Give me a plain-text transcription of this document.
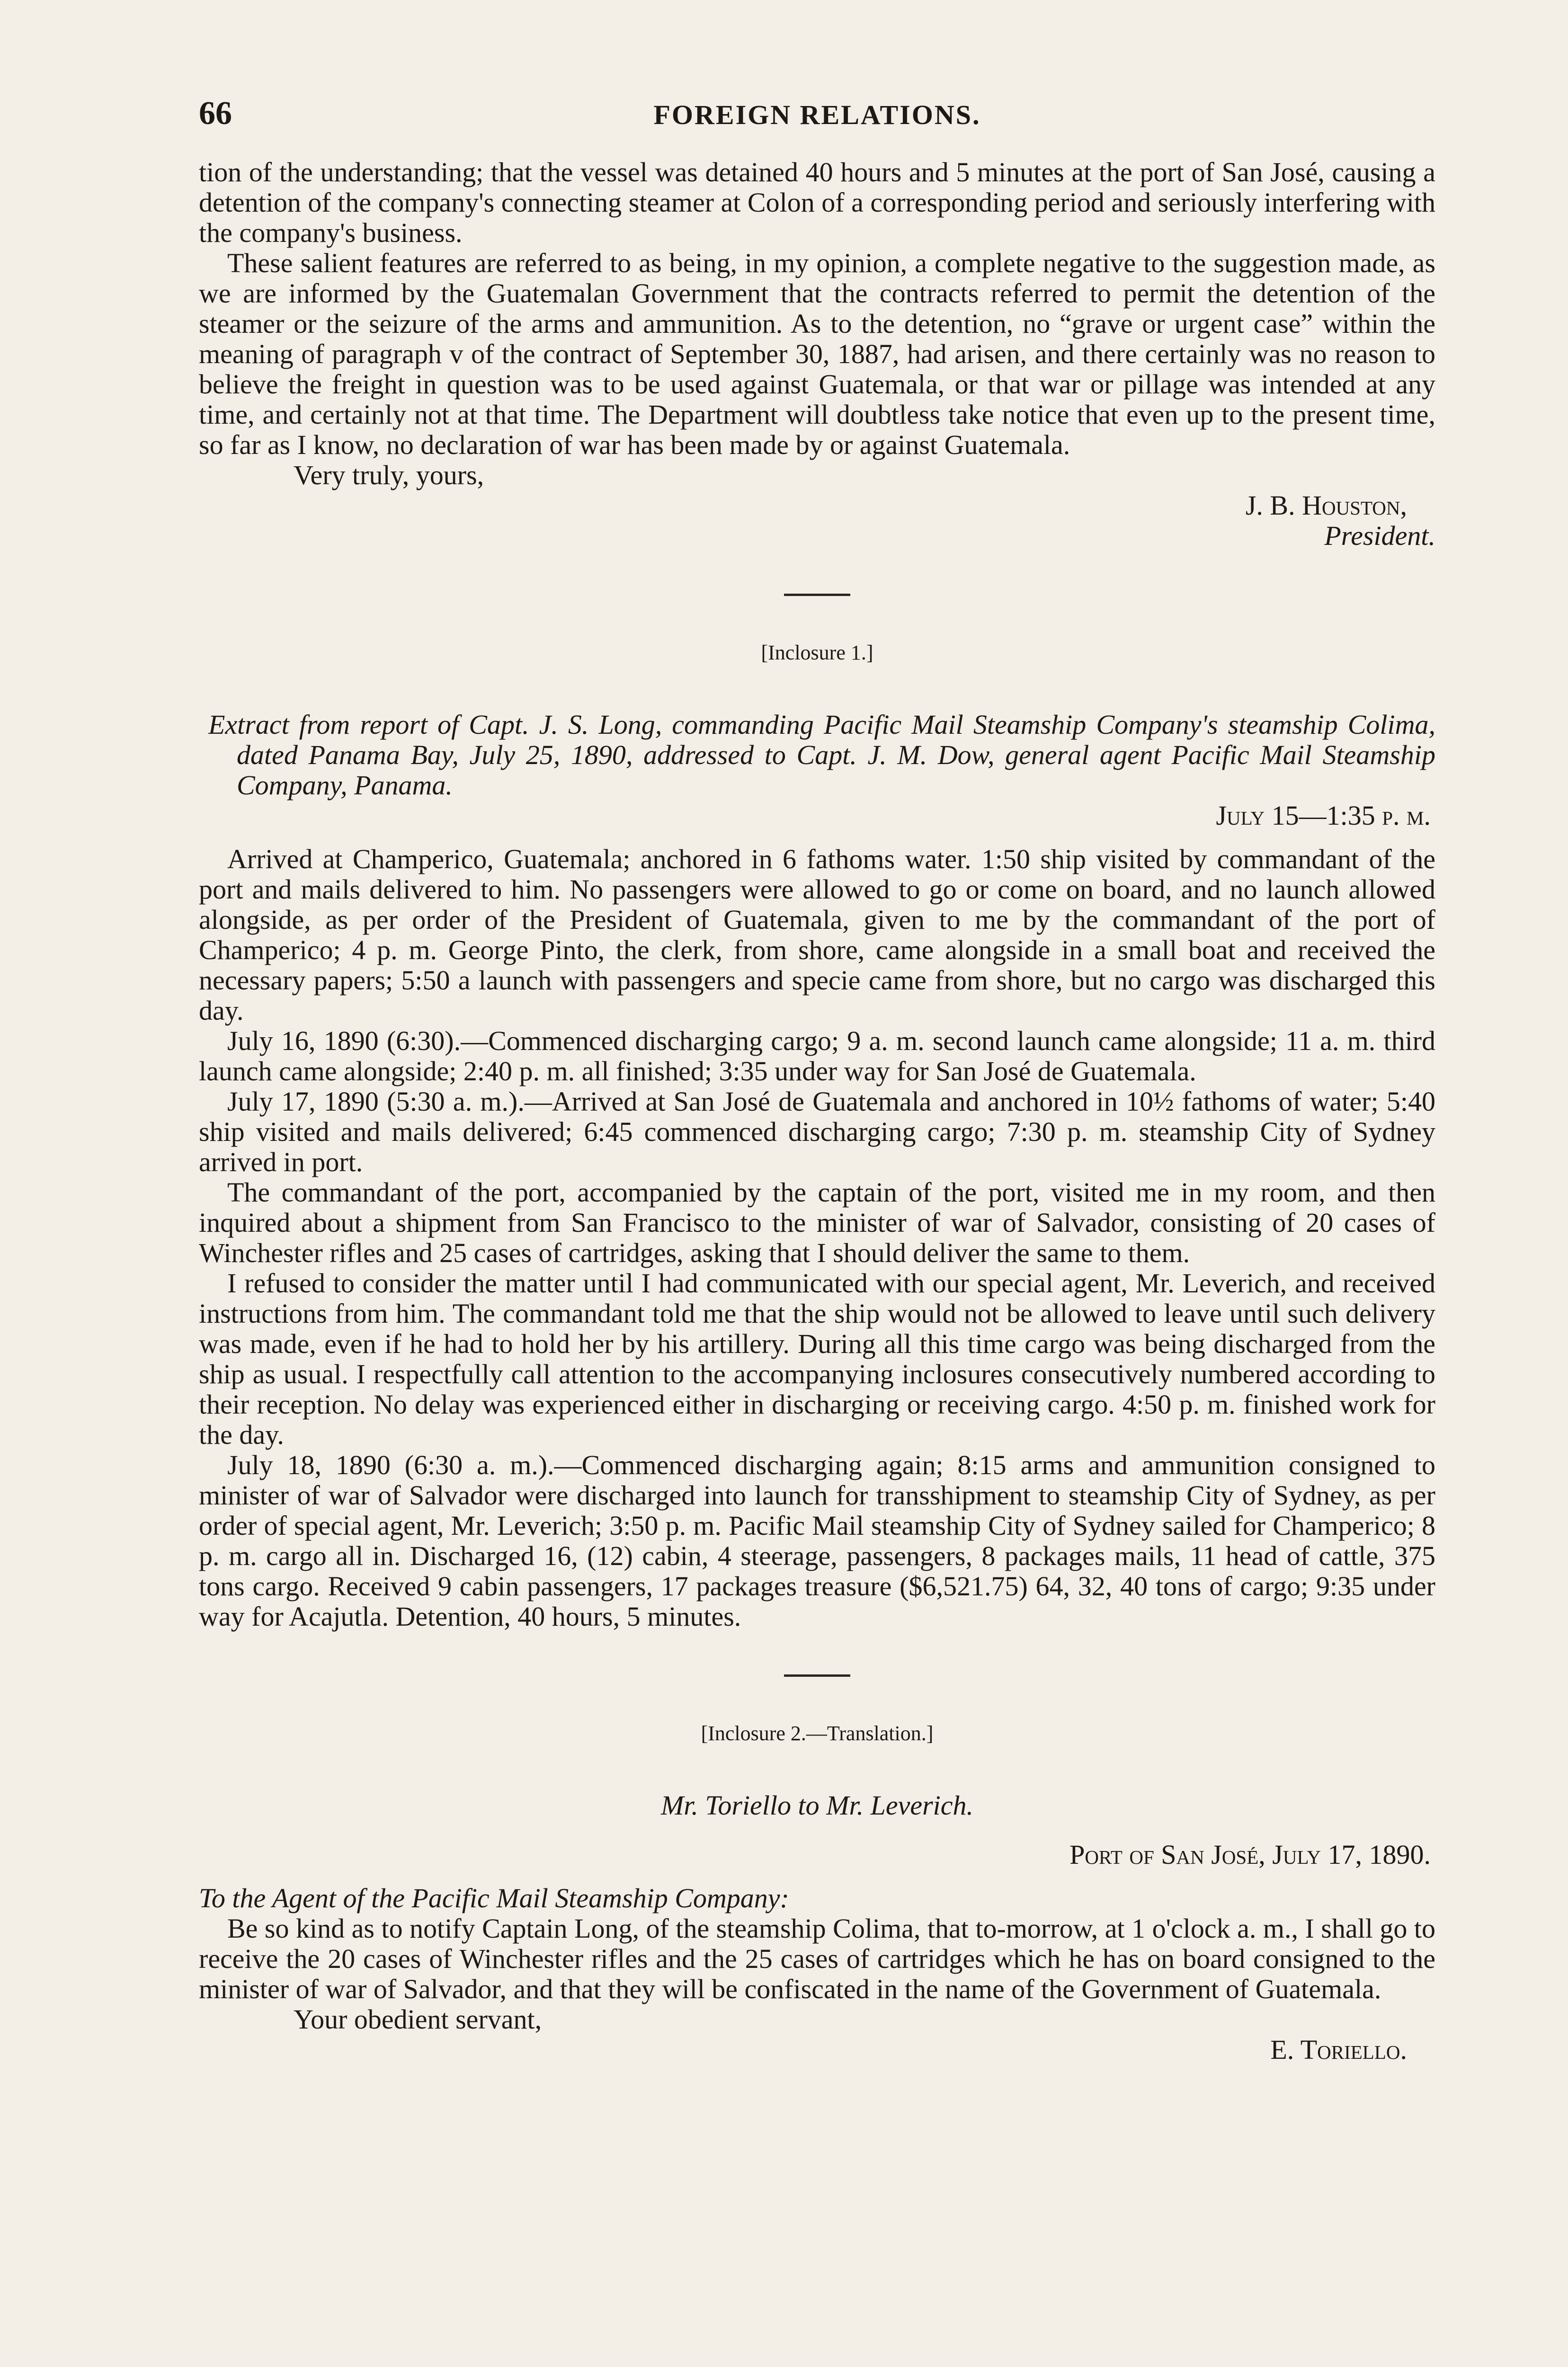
66	FOREIGN RELATIONS.

tion of the understanding; that the vessel was detained 40 hours and 5 minutes at the port of San José, causing a detention of the company's connecting steamer at Colon of a corresponding period and seriously interfering with the company's business.

These salient features are referred to as being, in my opinion, a complete negative to the suggestion made, as we are informed by the Guatemalan Government that the contracts referred to permit the detention of the steamer or the seizure of the arms and ammunition. As to the detention, no “grave or urgent case” within the meaning of paragraph v of the contract of September 30, 1887, had arisen, and there certainly was no reason to believe the freight in question was to be used against Guatemala, or that war or pillage was intended at any time, and certainly not at that time. The Department will doubtless take notice that even up to the present time, so far as I know, no declaration of war has been made by or against Guatemala.

Very truly, yours,

J. B. Houston,
President.
[Inclosure 1.]
Extract from report of Capt. J. S. Long, commanding Pacific Mail Steamship Company's steamship Colima, dated Panama Bay, July 25, 1890, addressed to Capt. J. M. Dow, general agent Pacific Mail Steamship Company, Panama.
July 15—1:35 p. m.

Arrived at Champerico, Guatemala; anchored in 6 fathoms water. 1:50 ship visited by commandant of the port and mails delivered to him. No passengers were allowed to go or come on board, and no launch allowed alongside, as per order of the President of Guatemala, given to me by the commandant of the port of Champerico; 4 p. m. George Pinto, the clerk, from shore, came alongside in a small boat and received the necessary papers; 5:50 a launch with passengers and specie came from shore, but no cargo was discharged this day.

July 16, 1890 (6:30).—Commenced discharging cargo; 9 a. m. second launch came alongside; 11 a. m. third launch came alongside; 2:40 p. m. all finished; 3:35 under way for San José de Guatemala.

July 17, 1890 (5:30 a. m.).—Arrived at San José de Guatemala and anchored in 10½ fathoms of water; 5:40 ship visited and mails delivered; 6:45 commenced discharging cargo; 7:30 p. m. steamship City of Sydney arrived in port.

The commandant of the port, accompanied by the captain of the port, visited me in my room, and then inquired about a shipment from San Francisco to the minister of war of Salvador, consisting of 20 cases of Winchester rifles and 25 cases of cartridges, asking that I should deliver the same to them.

I refused to consider the matter until I had communicated with our special agent, Mr. Leverich, and received instructions from him. The commandant told me that the ship would not be allowed to leave until such delivery was made, even if he had to hold her by his artillery. During all this time cargo was being discharged from the ship as usual. I respectfully call attention to the accompanying inclosures consecutively numbered according to their reception. No delay was experienced either in discharging or receiving cargo. 4:50 p. m. finished work for the day.

July 18, 1890 (6:30 a. m.).—Commenced discharging again; 8:15 arms and ammunition consigned to minister of war of Salvador were discharged into launch for transshipment to steamship City of Sydney, as per order of special agent, Mr. Leverich; 3:50 p. m. Pacific Mail steamship City of Sydney sailed for Champerico; 8 p. m. cargo all in. Discharged 16, (12) cabin, 4 steerage, passengers, 8 packages mails, 11 head of cattle, 375 tons cargo. Received 9 cabin passengers, 17 packages treasure ($6,521.75) 64, 32, 40 tons of cargo; 9:35 under way for Acajutla. Detention, 40 hours, 5 minutes.

[Inclosure 2.—Translation.]
Mr. Toriello to Mr. Leverich.
Port of San José, July 17, 1890.

To the Agent of the Pacific Mail Steamship Company:

Be so kind as to notify Captain Long, of the steamship Colima, that to-morrow, at 1 o'clock a. m., I shall go to receive the 20 cases of Winchester rifles and the 25 cases of cartridges which he has on board consigned to the minister of war of Salvador, and that they will be confiscated in the name of the Government of Guatemala.

Your obedient servant,

E. Toriello.
